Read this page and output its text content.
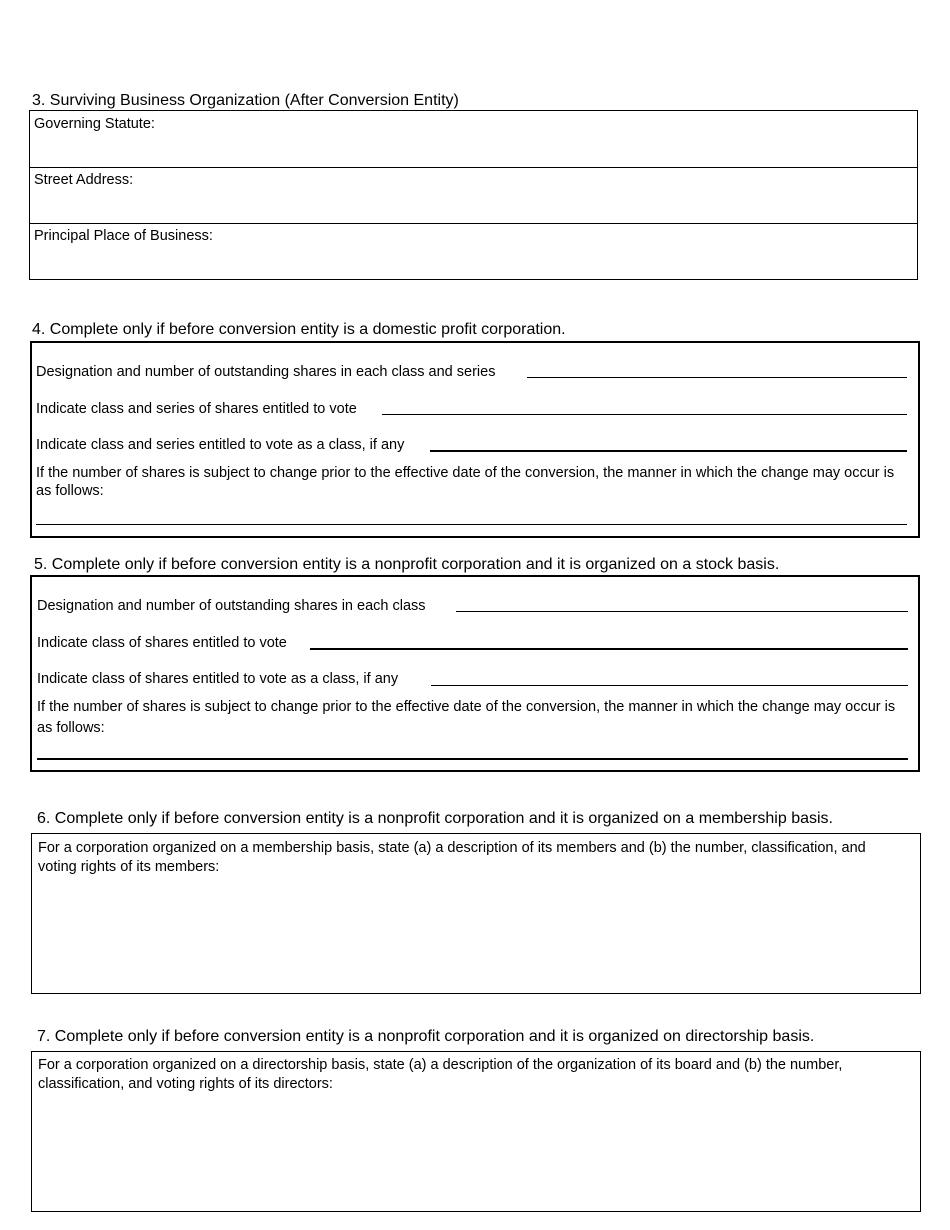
3. Surviving Business Organization (After Conversion Entity)
Governing Statute:
Street Address:
Principal Place of Business:
4. Complete only if before conversion entity is a domestic profit corporation.
Designation and number of outstanding shares in each class and series
Indicate class and series of shares entitled to vote
Indicate class and series entitled to vote as a class, if any
If the number of shares is subject to change prior to the effective date of the conversion, the manner in which the change may occur is as follows:
5. Complete only if before conversion entity is a nonprofit corporation and it is organized on a stock basis.
Designation and number of outstanding shares in each class
Indicate class of shares entitled to vote
Indicate class of shares entitled to vote as a class, if any
If the number of shares is subject to change prior to the effective date of the conversion, the manner in which the change may occur is as follows:
6. Complete only if before conversion entity is a nonprofit corporation and it is organized on a membership basis.
For a corporation organized on a membership basis, state (a) a description of its members and (b) the number, classification, and voting rights of its members:
7. Complete only if before conversion entity is a nonprofit corporation and it is organized on directorship basis.
For a corporation organized on a directorship basis, state (a) a description of the organization of its board and (b) the number, classification, and voting rights of its directors:
